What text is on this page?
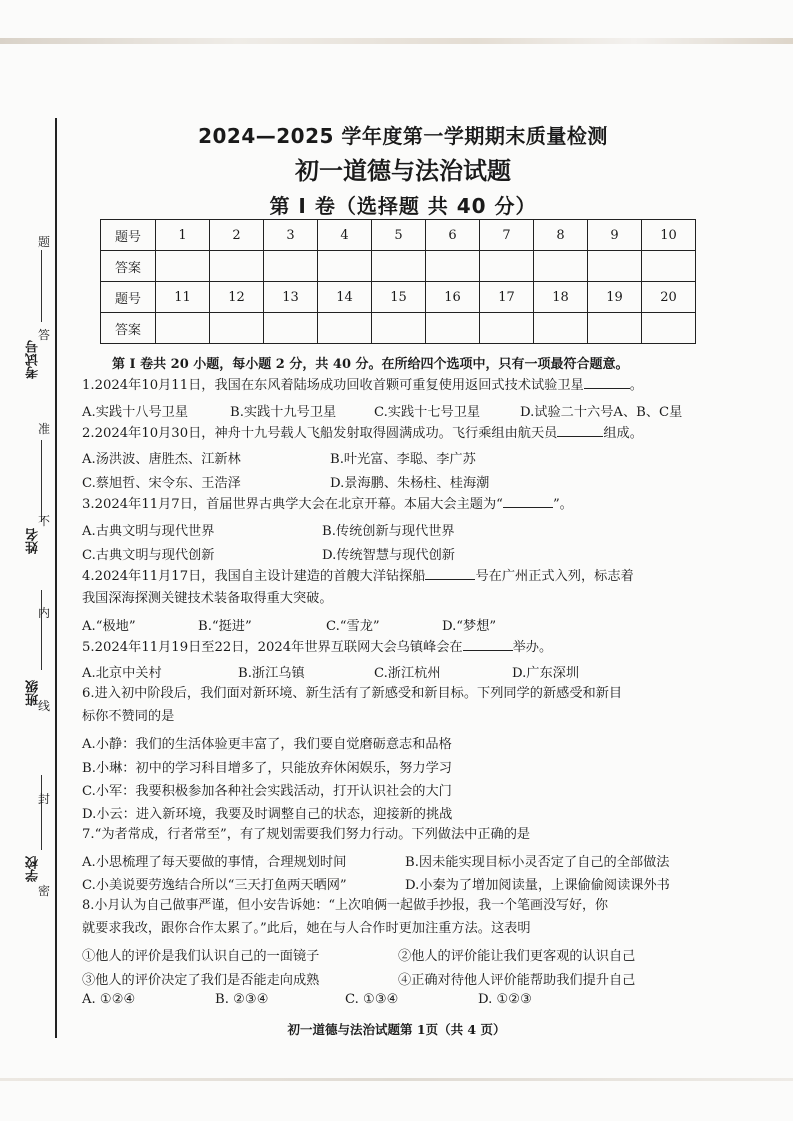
考试号
姓名
班级
学校
题
答
准
不
内
线
封
密
2024—2025 学年度第一学期期末质量检测
初一道德与法治试题
第 I 卷（选择题 共 40 分）
题号	1	2	3	4	5	6	7	8	9	10
答案										
题号	11	12	13	14	15	16	17	18	19	20
答案										
第 I 卷共 20 小题，每小题 2 分，共 40 分。在所给四个选项中，只有一项最符合题意。
1.2024年10月11日，我国在东风着陆场成功回收首颗可重复使用返回式技术试验卫星	。
A.实践十八号卫星	B.实践十九号卫星	C.实践十七号卫星	D.试验二十六号A、B、C星
2.2024年10月30日，神舟十九号载人飞船发射取得圆满成功。飞行乘组由航天员	组成。
A.汤洪波、唐胜杰、江新林	B.叶光富、李聪、李广苏
C.蔡旭哲、宋令东、王浩泽	D.景海鹏、朱杨柱、桂海潮
3.2024年11月7日，首届世界古典学大会在北京开幕。本届大会主题为“	”。
A.古典文明与现代世界	B.传统创新与现代世界
C.古典文明与现代创新	D.传统智慧与现代创新
4.2024年11月17日，我国自主设计建造的首艘大洋钻探船	号在广州正式入列，标志着
我国深海探测关键技术装备取得重大突破。
A.“极地”	B.“挺进”	C.“雪龙”	D.“梦想”
5.2024年11月19日至22日，2024年世界互联网大会乌镇峰会在	举办。
A.北京中关村	B.浙江乌镇	C.浙江杭州	D.广东深圳
6.进入初中阶段后，我们面对新环境、新生活有了新感受和新目标。下列同学的新感受和新目
标你不赞同的是
A.小静：我们的生活体验更丰富了，我们要自觉磨砺意志和品格
B.小琳：初中的学习科目增多了，只能放弃休闲娱乐，努力学习
C.小军：我要积极参加各种社会实践活动，打开认识社会的大门
D.小云：进入新环境，我要及时调整自己的状态，迎接新的挑战
7.“为者常成，行者常至”，有了规划需要我们努力行动。下列做法中正确的是
A.小思梳理了每天要做的事情，合理规划时间	B.因未能实现目标小灵否定了自己的全部做法
C.小美说要劳逸结合所以“三天打鱼两天晒网”	D.小秦为了增加阅读量，上课偷偷阅读课外书
8.小月认为自己做事严谨，但小安告诉她：“上次咱俩一起做手抄报，我一个笔画没写好，你
就要求我改，跟你合作太累了。”此后，她在与人合作时更加注重方法。这表明
①他人的评价是我们认识自己的一面镜子	②他人的评价能让我们更客观的认识自己
③他人的评价决定了我们是否能走向成熟	④正确对待他人评价能帮助我们提升自己
A. ①②④	B. ②③④	C. ①③④	D. ①②③
初一道德与法治试题第 1页（共 4 页）
